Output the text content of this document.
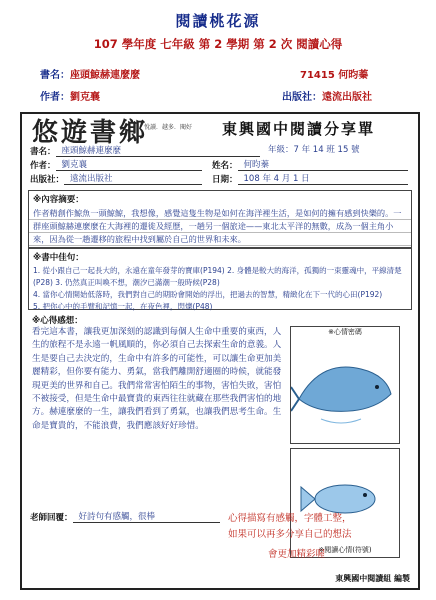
閱讀桃花源
107 學年度 七年級 第 2 學期 第 2 次 閱讀心得
書名：座頭鯨赫連麼麼	71415 何昀蓁
作者：劉克襄	出版社：遠流出版社
悠遊書鄉
悅讀．越多．閱好 東興國中閱讀分享單
年級：7 年 14 班 15 號
書名： 座頭鯨赫連麼麼
作者： 劉克襄	姓名： 何昀蓁
出版社： 遠流出版社	日期： 108 年 4 月 1 日
※內容摘要：
作者精創作鯨魚一頭鯨鯨，我想像，感覺這隻生物是如何在海洋裡生活，是如何的擁有感到快樂的。一群座頭鯨赫連麼麼在大海裡的遷徙及經歷，一趟另一個旅途——東北太平洋的無數，成為一個主角小來，因為從一趟遷移的旅程中找到屬於自己的世界和未來。
※書中佳句：
1. 從小跟自己一起長大的，永遠在童年發芽的寶庫(P194) 2. 身體是較大的海洋，孤獨的一束靈魂中，平線清楚(P28) 3. 仍然真正叫喚不想，潮汐已滿潮一般時候(P28)
4. 當你心情開始低落時，我們對自己的期盼會開始的浮出，把過去的智慧，精緻化在下一代的心田(P192)
5. 把你心中的手臂和記憶一起，在夜色裡，閃爍(P48)
※心得感想：
看完這本書，讓我更加深刻的認識到每個人生命中重要的東西，人生的旅程不是永遠一帆風順的，你必須自己去探索生命的意義。人生是要自己去決定的，生命中有許多的可能性，可以讓生命更加美麗精彩，但你要有能力、勇氣，當我們離開舒適圈的時候，就能發現更美的世界和自己。我們常常害怕陌生的事物，害怕失敗，害怕不被接受，但是生命中最寶貴的東西往往就藏在那些我們害怕的地方。赫連麼麼的一生，讓我們看到了勇氣，也讓我們思考生命。生命是寶貴的，不能浪費，我們應該好好珍惜。
※心情密碼
※閱讀心情(符號)
老師回覆： 好詩句有感觸，很棒	心得描寫有感觸，字體工整，
如果可以再多分享自己的想法
會更加精彩喔
東興國中閱讀組 編製
